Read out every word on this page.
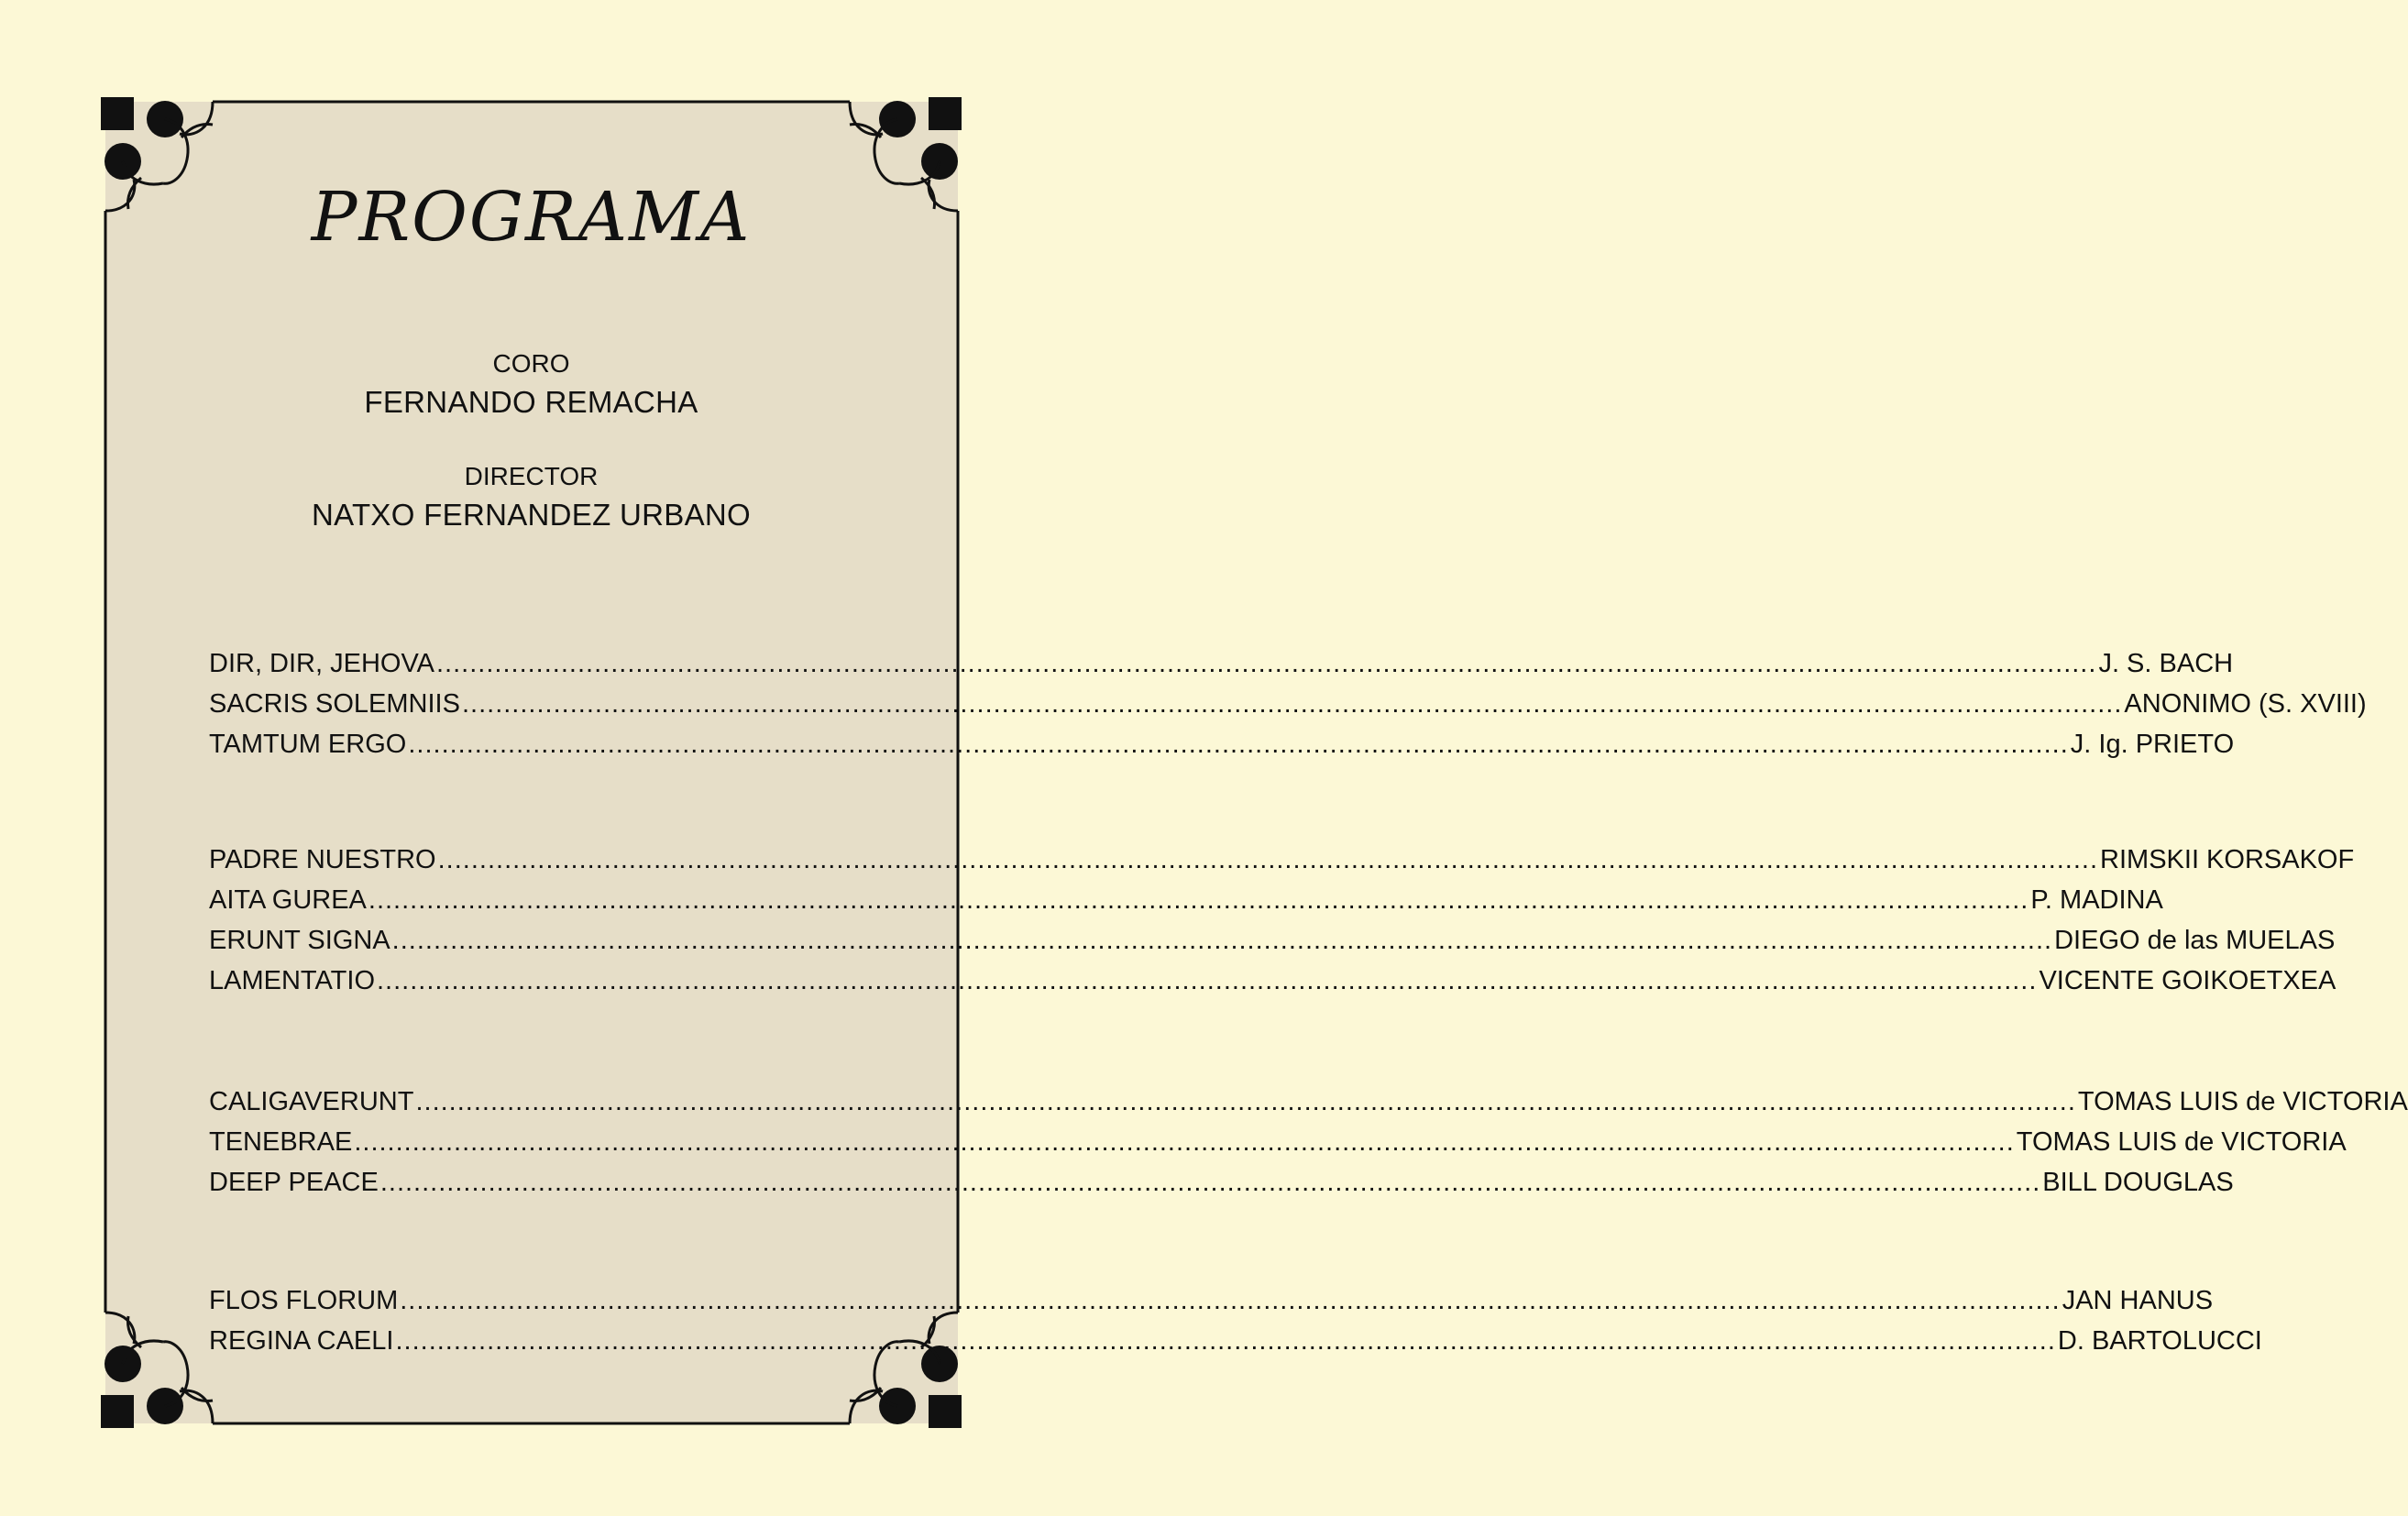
PROGRAMA
CORO
FERNANDO REMACHA
DIRECTOR
NATXO FERNANDEZ URBANO
DIR, DIR, JEHOVA ........................................................................................................................................................................................................ J. S. BACH
SACRIS SOLEMNIIS ........................................................................................................................................................................................................ ANONIMO (S. XVIII)
TAMTUM ERGO ........................................................................................................................................................................................................ J. Ig. PRIETO
PADRE NUESTRO ........................................................................................................................................................................................................ RIMSKII KORSAKOF
AITA GUREA ........................................................................................................................................................................................................ P. MADINA
ERUNT SIGNA ........................................................................................................................................................................................................ DIEGO de las MUELAS
LAMENTATIO ........................................................................................................................................................................................................ VICENTE GOIKOETXEA
CALIGAVERUNT ........................................................................................................................................................................................................ TOMAS LUIS de VICTORIA
TENEBRAE ........................................................................................................................................................................................................ TOMAS LUIS de VICTORIA
DEEP PEACE ........................................................................................................................................................................................................ BILL DOUGLAS
FLOS FLORUM ........................................................................................................................................................................................................ JAN HANUS
REGINA CAELI ........................................................................................................................................................................................................ D. BARTOLUCCI
